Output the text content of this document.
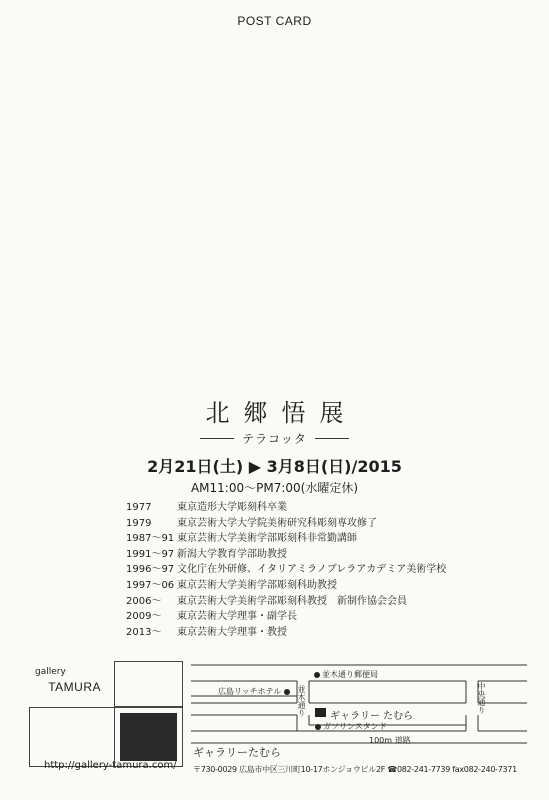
POST CARD
北郷悟展
テラコッタ
2月21日(土) ▶ 3月8日(日)/2015
AM11:00～PM7:00(水曜定休)
1977	東京造形大学彫刻科卒業
1979	東京芸術大学大学院美術研究科彫刻専攻修了
1987～91 東京芸術大学美術学部彫刻科非常勤講師
1991～97 新潟大学教育学部助教授
1996～97 文化庁在外研修、イタリアミラノブレラアカデミア美術学校
1997～06 東京芸術大学美術学部彫刻科助教授
2006～	東京芸術大学美術学部彫刻科教授　新制作協会会員
2009～	東京芸術大学理事・副学長
2013～	東京芸術大学理事・教授
gallery
TAMURA
http://gallery-tamura.com/
並木通り郵便局
広島リッチホテル	並木通り	中央通り
ギャラリー たむら
ガソリンスタンド
100m 道路
ギャラリーたむら
〒730-0029 広島市中区三川町10-17ホンジョウビル2F ☎082-241-7739 fax082-240-7371
